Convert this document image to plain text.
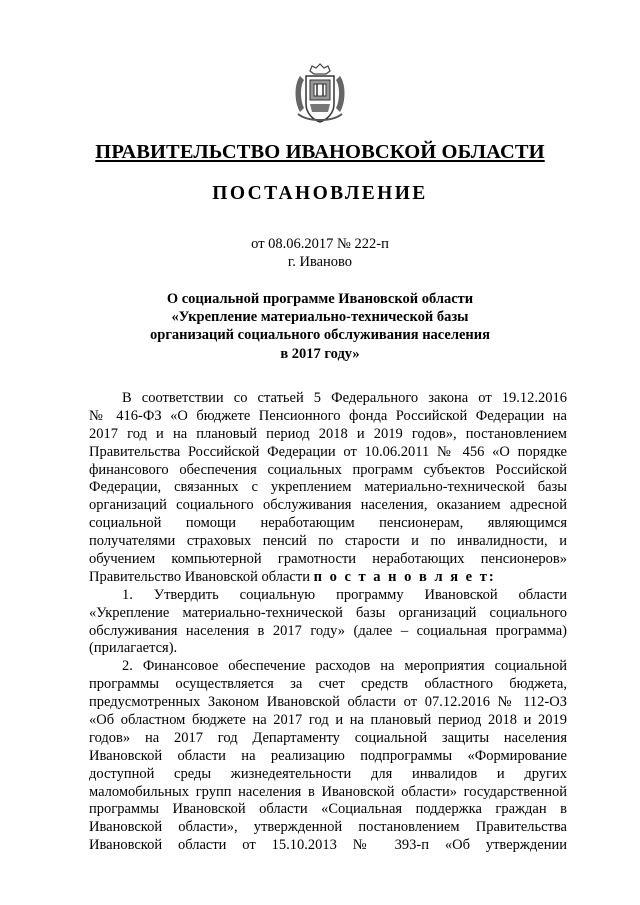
ПРАВИТЕЛЬСТВО ИВАНОВСКОЙ ОБЛАСТИ
ПОСТАНОВЛЕНИЕ
от 08.06.2017 № 222-п
г. Иваново
О социальной программе Ивановской области
«Укрепление материально-технической базы
организаций социального обслуживания населения
в 2017 году»
В соответствии со статьей 5 Федерального закона от 19.12.2016
№ 416-ФЗ «О бюджете Пенсионного фонда Российской Федерации на
2017 год и на плановый период 2018 и 2019 годов», постановлением
Правительства Российской Федерации от 10.06.2011 № 456 «О порядке
финансового обеспечения социальных программ субъектов Российской
Федерации, связанных с укреплением материально-технической базы
организаций социального обслуживания населения, оказанием адресной
социальной помощи неработающим пенсионерам, являющимся
получателями страховых пенсий по старости и по инвалидности, и
обучением компьютерной грамотности неработающих пенсионеров»
Правительство Ивановской области п о с т а н о в л я е т:
1. Утвердить социальную программу Ивановской области
«Укрепление материально-технической базы организаций социального
обслуживания населения в 2017 году» (далее – социальная программа)
(прилагается).
2. Финансовое обеспечение расходов на мероприятия социальной
программы осуществляется за счет средств областного бюджета,
предусмотренных Законом Ивановской области от 07.12.2016 № 112-ОЗ
«Об областном бюджете на 2017 год и на плановый период 2018 и 2019
годов» на 2017 год Департаменту социальной защиты населения
Ивановской области на реализацию подпрограммы «Формирование
доступной среды жизнедеятельности для инвалидов и других
маломобильных групп населения в Ивановской области» государственной
программы Ивановской области «Социальная поддержка граждан в
Ивановской области», утвержденной постановлением Правительства
Ивановской области от 15.10.2013 № 393-п «Об утверждении
